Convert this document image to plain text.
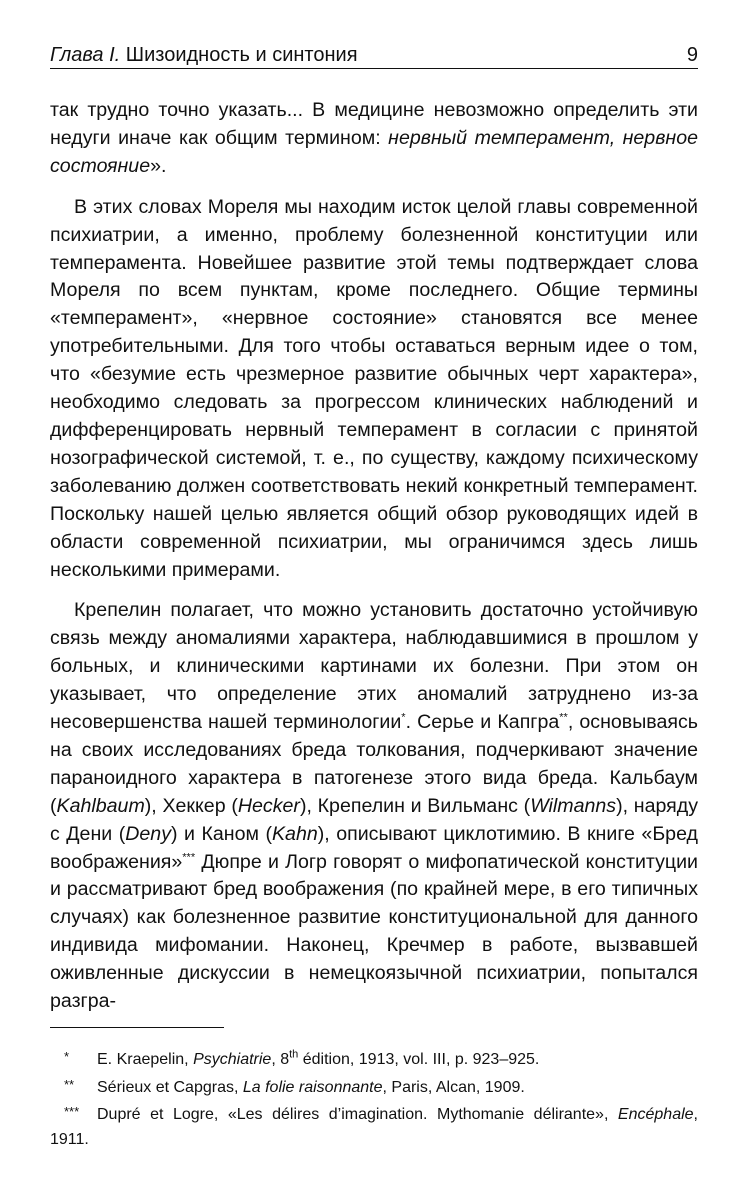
Глава I. Шизоидность и синтония	9

так трудно точно указать... В медицине невозможно определить эти недуги иначе как общим термином: нервный темперамент, нервное состояние».

В этих словах Мореля мы находим исток целой главы современной психиатрии, а именно, проблему болезненной конституции или темперамента. Новейшее развитие этой темы подтверждает слова Мореля по всем пунктам, кроме последнего. Общие термины «темперамент», «нервное состояние» становятся все менее употребительными. Для того чтобы оставаться верным идее о том, что «безумие есть чрезмерное развитие обычных черт характера», необходимо следовать за прогрессом клинических наблюдений и дифференцировать нервный темперамент в согласии с принятой нозографической системой, т. е., по существу, каждому психическому заболеванию должен соответствовать некий конкретный темперамент. Поскольку нашей целью является общий обзор руководящих идей в области современной психиатрии, мы ограничимся здесь лишь несколькими примерами.

Крепелин полагает, что можно установить достаточно устойчивую связь между аномалиями характера, наблюдавшимися в прошлом у больных, и клиническими картинами их болезни. При этом он указывает, что определение этих аномалий затруднено из-за несовершенства нашей терминологии*. Серье и Капгра**, основываясь на своих исследованиях бреда толкования, подчеркивают значение параноидного характера в патогенезе этого вида бреда. Кальбаум (Kahlbaum), Хеккер (Hecker), Крепелин и Вильманс (Wilmanns), наряду с Дени (Deny) и Каном (Kahn), описывают циклотимию. В книге «Бред воображения»*** Дюпре и Логр говорят о мифопатической конституции и рассматривают бред воображения (по крайней мере, в его типичных случаях) как болезненное развитие конституциональной для данного индивида мифомании. Наконец, Кречмер в работе, вызвавшей оживленные дискуссии в немецкоязычной психиатрии, попытался разгра-

* E. Kraepelin, Psychiatrie, 8th édition, 1913, vol. III, p. 923–925.

** Sérieux et Capgras, La folie raisonnante, Paris, Alcan, 1909.

*** Dupré et Logre, «Les délires d’imagination. Mythomanie délirante», Encéphale, 1911.
